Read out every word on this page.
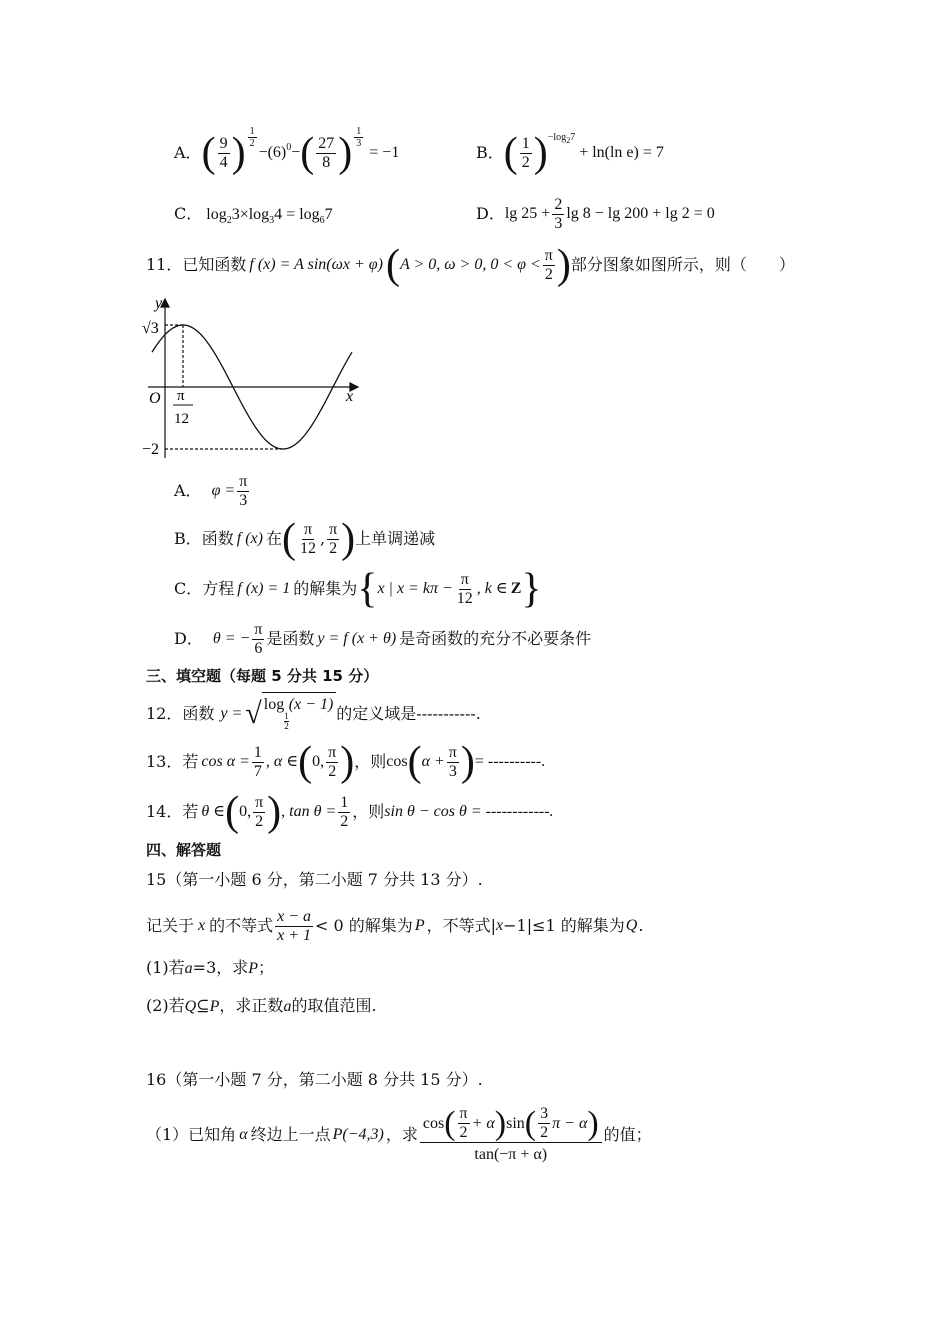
A． ( $\frac{9}{4}$ ) $\frac{1}{2}$
$-(6)^0$ − ( $\frac{27}{8}$ ) $\frac{1}{3}$
= −1	B． ( $\frac{1}{2}$ ) $-\log_27$
+ ln(ln e) = 7
C． $\log_23\times\log_34 = \log_67$	D． $\lg 25 + \frac{2}{3}$ lg 8 − lg 200 + lg 2 = 0
11． 已知函数 f (x) = A sin(ωx + φ) ( A > 0, ω > 0, $0 < \varphi < \frac{\pi}{2}$ ) 部分图象如图所示，则（　　）
y
x
O
√3
−2
π
12
A． $\varphi = \frac{\pi}{3}$
B． 函数 f (x) 在 ( $\frac{\pi}{12}$ , $\frac{\pi}{2}$ ) 上单调递减
C． 方程 f (x) = 1 的解集为 { x | $x = k\pi - \frac{\pi}{12}$ , k ∈ Z }
D． θ = − $\frac{\pi}{6}$ 是函数 y = f (x + θ) 是奇函数的充分不必要条件
三、填空题（每题 5 分共 15 分）
12． 函数 y = √ log
$\frac{1}{2}$
(x − 1) 的定义域是-----------.
13． 若 $\cos \alpha = \frac{1}{7}$ , α ∈ ( 0, $\frac{\pi}{2}$ ) ，则 cos ( $\alpha + \frac{\pi}{3}$ ) = ----------.
14． 若 θ ∈ ( 0, $\frac{\pi}{2}$ ) , $\tan \theta = \frac{1}{2}$ ，则 sin θ − cos θ = ------------.
四、解答题
15（第一小题 6 分，第二小题 7 分共 13 分）.
记关于 x 的不等式 $\frac{x - a}{x + 1} < 0$ 的解集为 P ，不等式| x −1|≤1 的解集为 Q .
(1)若a=3，求P；
(2)若Q⊆P，求正数a的取值范围.
16（第一小题 7 分，第二小题 8 分共 15 分）.
（1）已知角 α 终边上一点 P(−4,3) ，求
cos ( $\frac{\pi}{2} + \alpha$ ) sin ( $\frac{3}{2}$ π − α )
tan(−π + α)
的值；
